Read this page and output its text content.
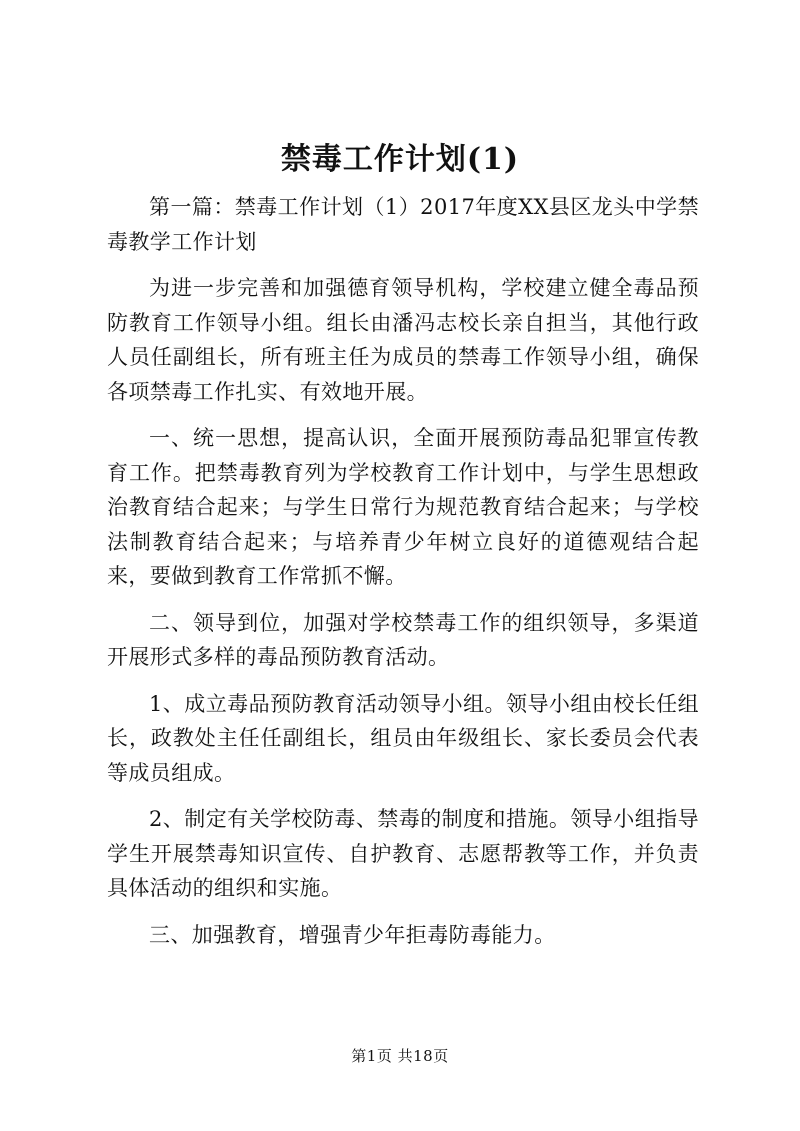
禁毒工作计划(1)

第一篇：禁毒工作计划（1）2017年度XX县区龙头中学禁毒教学工作计划

为进一步完善和加强德育领导机构，学校建立健全毒品预防教育工作领导小组。组长由潘冯志校长亲自担当，其他行政人员任副组长，所有班主任为成员的禁毒工作领导小组，确保各项禁毒工作扎实、有效地开展。

一、统一思想，提高认识，全面开展预防毒品犯罪宣传教育工作。把禁毒教育列为学校教育工作计划中，与学生思想政治教育结合起来；与学生日常行为规范教育结合起来；与学校法制教育结合起来；与培养青少年树立良好的道德观结合起来，要做到教育工作常抓不懈。

二、领导到位，加强对学校禁毒工作的组织领导，多渠道开展形式多样的毒品预防教育活动。

1、成立毒品预防教育活动领导小组。领导小组由校长任组长，政教处主任任副组长，组员由年级组长、家长委员会代表等成员组成。

2、制定有关学校防毒、禁毒的制度和措施。领导小组指导学生开展禁毒知识宣传、自护教育、志愿帮教等工作，并负责具体活动的组织和实施。

三、加强教育，增强青少年拒毒防毒能力。

第1页 共18页
